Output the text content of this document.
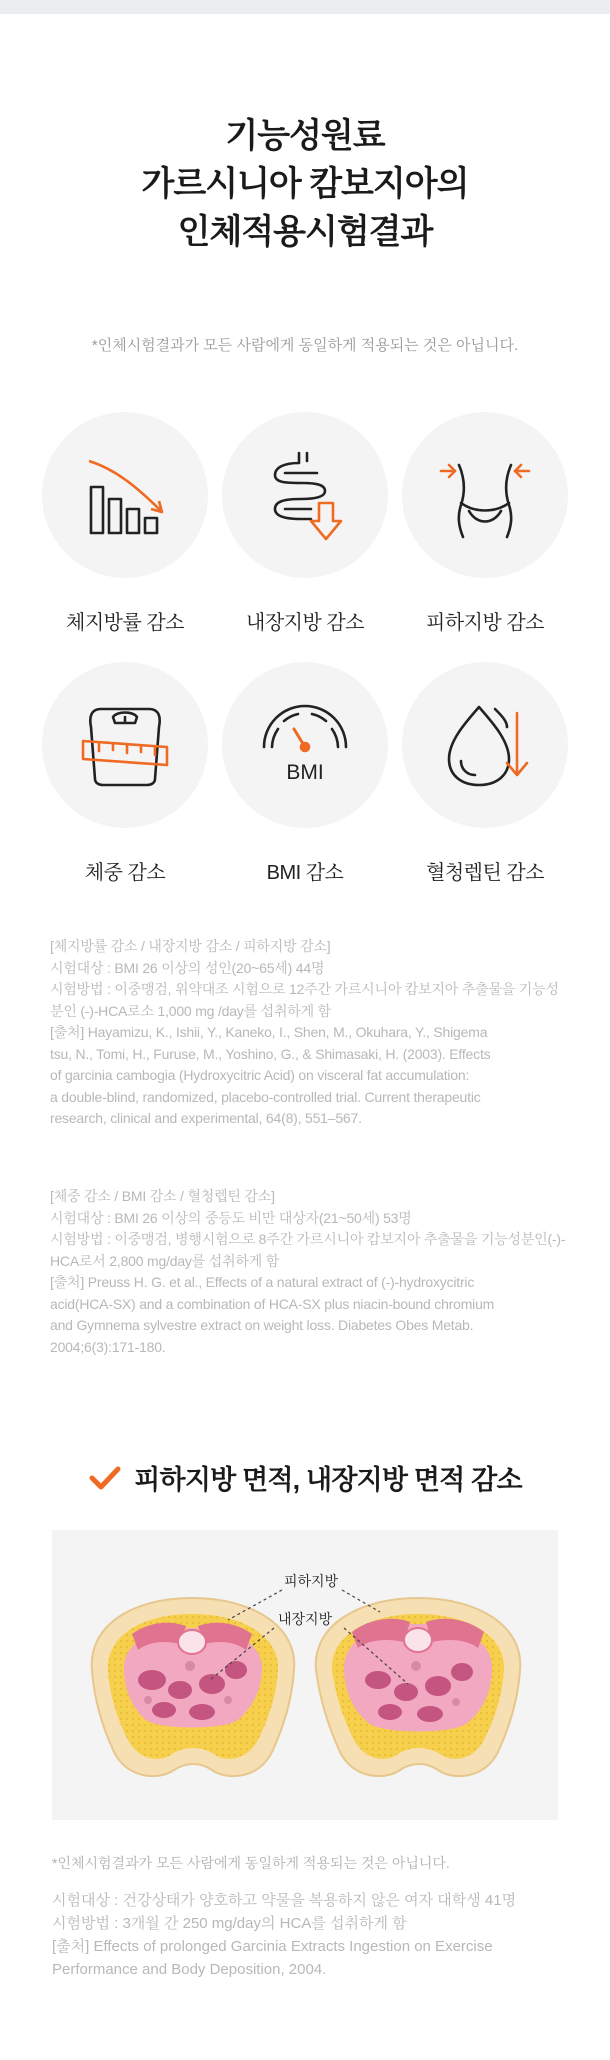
기능성원료
가르시니아 캄보지아의
인체적용시험결과
*인체시험결과가 모든 사람에게 동일하게 적용되는 것은 아닙니다.
체지방률 감소	내장지방 감소	피하지방 감소
체중 감소
BMI
BMI 감소	혈청렙틴 감소

[체지방률 감소 / 내장지방 감소 / 피하지방 감소]

시험대상 : BMI 26 이상의 성인(20~65세) 44명

시험방법 : 이중맹검, 위약대조 시험으로 12주간 가르시니아 캄보지아 추출물을 기능성

분인 (-)-HCA로소 1,000 mg /day를 섭취하게 함

[출처] Hayamizu, K., Ishii, Y., Kaneko, I., Shen, M., Okuhara, Y., Shigema

tsu, N., Tomi, H., Furuse, M., Yoshino, G., & Shimasaki, H. (2003). Effects

of garcinia cambogia (Hydroxycitric Acid) on visceral fat accumulation:

a double-blind, randomized, placebo-controlled trial. Current therapeutic

research, clinical and experimental, 64(8), 551–567.

[체중 감소 / BMI 감소 / 혈청렙틴 감소]

시험대상 : BMI 26 이상의 중등도 비만 대상자(21~50세) 53명

시험방법 : 이중맹검, 병행시험으로 8주간 가르시니아 캄보지아 추출물을 기능성분인(-)-

HCA로서 2,800 mg/day를 섭취하게 함

[출처] Preuss H. G. et al., Effects of a natural extract of (-)-hydroxycitric

acid(HCA-SX) and a combination of HCA-SX plus niacin-bound chromium

and Gymnema sylvestre extract on weight loss. Diabetes Obes Metab.

2004;6(3):171-180.

피하지방 면적, 내장지방 면적 감소
피하지방
내장지방
*인체시험결과가 모든 사람에게 동일하게 적용되는 것은 아닙니다.

시험대상 : 건강상태가 양호하고 약물을 복용하지 않은 여자 대학생 41명

시험방법 : 3개월 간 250 mg/day의 HCA를 섭취하게 함

[출처] Effects of prolonged Garcinia Extracts Ingestion on Exercise

Performance and Body Deposition, 2004.
